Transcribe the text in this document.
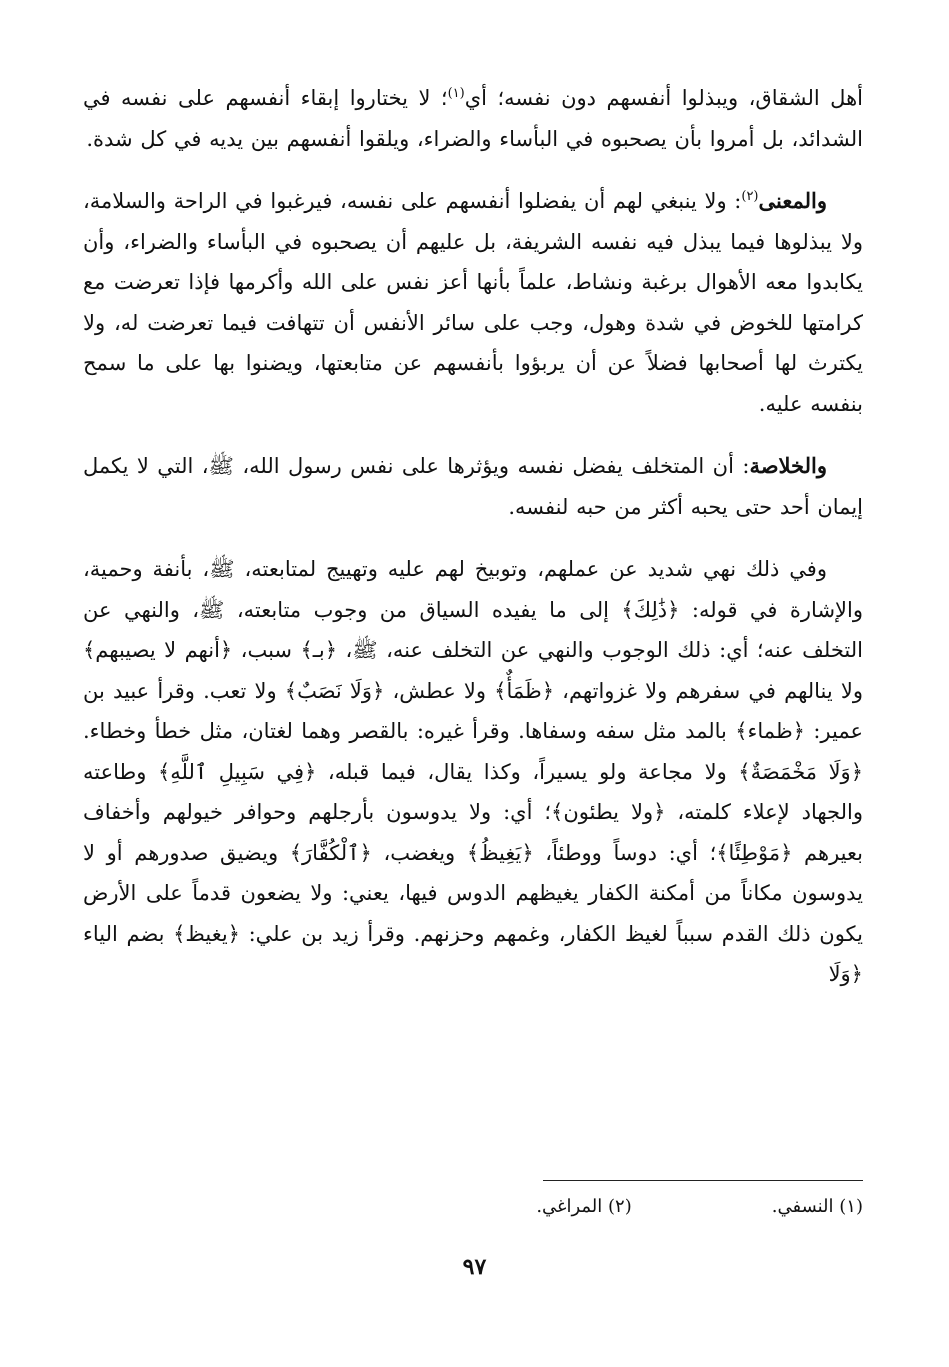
أهل الشقاق، ويبذلوا أنفسهم دون نفسه؛ أي$^{(١)}$؛ لا يختاروا إبقاء أنفسهم على نفسه في الشدائد، بل أمروا بأن يصحبوه في البأساء والضراء، ويلقوا أنفسهم بين يديه في كل شدة.

والمعنى$^{(٢)}$: ولا ينبغي لهم أن يفضلوا أنفسهم على نفسه، فيرغبوا في الراحة والسلامة، ولا يبذلوها فيما يبذل فيه نفسه الشريفة، بل عليهم أن يصحبوه في البأساء والضراء، وأن يكابدوا معه الأهوال برغبة ونشاط، علماً بأنها أعز نفس على الله وأكرمها فإذا تعرضت مع كرامتها للخوض في شدة وهول، وجب على سائر الأنفس أن تتهافت فيما تعرضت له، ولا يكترث لها أصحابها فضلاً عن أن يربؤوا بأنفسهم عن متابعتها، ويضنوا بها على ما سمح بنفسه عليه.

والخلاصة: أن المتخلف يفضل نفسه ويؤثرها على نفس رسول الله، ﷺ، التي لا يكمل إيمان أحد حتى يحبه أكثر من حبه لنفسه.

وفي ذلك نهي شديد عن عملهم، وتوبيخ لهم عليه وتهييج لمتابعته، ﷺ، بأنفة وحمية، والإشارة في قوله: ﴿ذَٰلِكَ﴾ إلى ما يفيده السياق من وجوب متابعته، ﷺ، والنهي عن التخلف عنه؛ أي: ذلك الوجوب والنهي عن التخلف عنه، ﷺ، ﴿بـ﴾ سبب، ﴿أنهم لا يصيبهم﴾ ولا ينالهم في سفرهم ولا غزواتهم، ﴿ظَمَأٌ﴾ ولا عطش، ﴿وَلَا نَصَبٌ﴾ ولا تعب. وقرأ عبيد بن عمير: ﴿ظماء﴾ بالمد مثل سفه وسفاها. وقرأ غيره: بالقصر وهما لغتان، مثل خطأ وخطاء. ﴿وَلَا مَخْمَصَةٌ﴾ ولا مجاعة ولو يسيراً، وكذا يقال، فيما قبله، ﴿فِي سَبِيلِ ٱللَّهِ﴾ وطاعته والجهاد لإعلاء كلمته، ﴿ولا يطئون﴾؛ أي: ولا يدوسون بأرجلهم وحوافر خيولهم وأخفاف بعيرهم ﴿مَوْطِئًا﴾؛ أي: دوساً ووطئاً، ﴿يَغِيظُ﴾ ويغضب، ﴿ٱلْكُفَّارَ﴾ ويضيق صدورهم أو لا يدوسون مكاناً من أمكنة الكفار يغيظهم الدوس فيها، يعني: ولا يضعون قدماً على الأرض يكون ذلك القدم سبباً لغيظ الكفار، وغمهم وحزنهم. وقرأ زيد بن علي: ﴿يغيظ﴾ بضم الياء ﴿وَلَا

(١) النسفي.
(٢) المراغي.
٩٧
